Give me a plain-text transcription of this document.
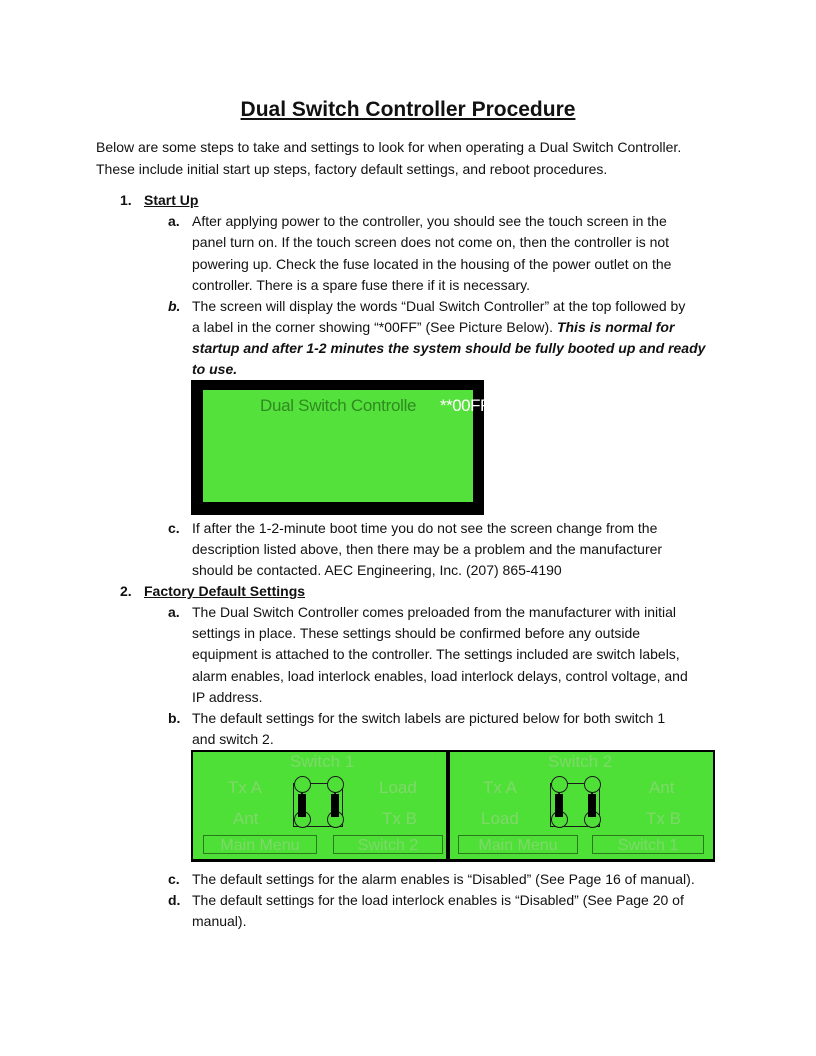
Dual Switch Controller Procedure
Below are some steps to take and settings to look for when operating a Dual Switch Controller.
These include initial start up steps, factory default settings, and reboot procedures.
1. Start Up
a. After applying power to the controller, you should see the touch screen in the
panel turn on. If the touch screen does not come on, then the controller is not
powering up. Check the fuse located in the housing of the power outlet on the
controller. There is a spare fuse there if it is necessary.
b. The screen will display the words “Dual Switch Controller” at the top followed by
a label in the corner showing “*00FF” (See Picture Below). This is normal for
startup and after 1-2 minutes the system should be fully booted up and ready
to use.
Dual Switch Controlle **00FF
c. If after the 1-2-minute boot time you do not see the screen change from the
description listed above, then there may be a problem and the manufacturer
should be contacted. AEC Engineering, Inc. (207) 865-4190
2. Factory Default Settings
a. The Dual Switch Controller comes preloaded from the manufacturer with initial
settings in place. These settings should be confirmed before any outside
equipment is attached to the controller. The settings included are switch labels,
alarm enables, load interlock enables, load interlock delays, control voltage, and
IP address.
b. The default settings for the switch labels are pictured below for both switch 1
and switch 2.
Switch 1
Tx A
Ant
Load
Tx B
Main Menu	Switch 2
Switch 2
Tx A
Load
Ant
Tx B
Main Menu	Switch 1
c. The default settings for the alarm enables is “Disabled” (See Page 16 of manual).
d. The default settings for the load interlock enables is “Disabled” (See Page 20 of
manual).
